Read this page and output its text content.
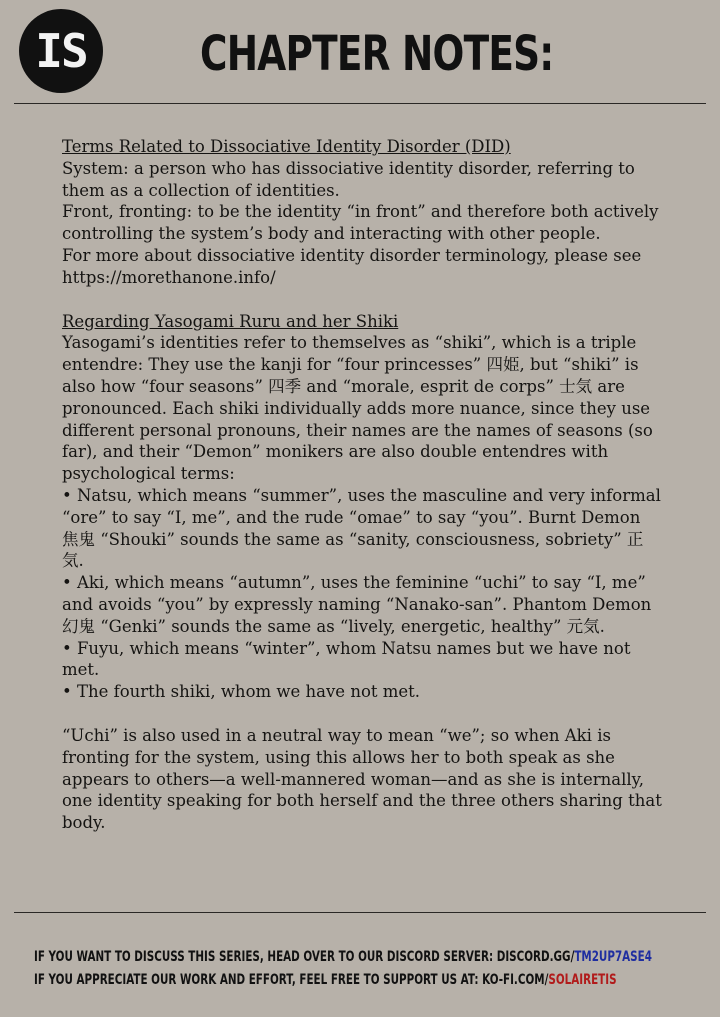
IS	CHAPTER NOTES:

Terms Related to Dissociative Identity Disorder (DID)

System: a person who has dissociative identity disorder, referring to them as a collection of identities.

Front, fronting: to be the identity “in front” and therefore both actively controlling the system’s body and interacting with other people.

For more about dissociative identity disorder terminology, please see https://morethanone.info/

Regarding Yasogami Ruru and her Shiki

Yasogami’s identities refer to themselves as “shiki”, which is a triple entendre: They use the kanji for “four princesses” 四姫, but “shiki” is also how “four seasons” 四季 and “morale, esprit de corps” 士気 are pronounced. Each shiki individually adds more nuance, since they use different personal pronouns, their names are the names of seasons (so far), and their “Demon” monikers are also double entendres with psychological terms:

• Natsu, which means “summer”, uses the masculine and very informal “ore” to say “I, me”, and the rude “omae” to say “you”. Burnt Demon 焦鬼 “Shouki” sounds the same as “sanity, consciousness, sobriety” 正気.

• Aki, which means “autumn”, uses the feminine “uchi” to say “I, me” and avoids “you” by expressly naming “Nanako-san”. Phantom Demon 幻鬼 “Genki” sounds the same as “lively, energetic, healthy” 元気.

• Fuyu, which means “winter”, whom Natsu names but we have not met.

• The fourth shiki, whom we have not met.

“Uchi” is also used in a neutral way to mean “we”; so when Aki is fronting for the system, using this allows her to both speak as she appears to others—a well-mannered woman—and as she is internally, one identity speaking for both herself and the three others sharing that body.

IF YOU WANT TO DISCUSS THIS SERIES, HEAD OVER TO OUR DISCORD SERVER: DISCORD.GG/TM2UP7ASE4
IF YOU APPRECIATE OUR WORK AND EFFORT, FEEL FREE TO SUPPORT US AT: KO-FI.COM/SOLAIRETIS
